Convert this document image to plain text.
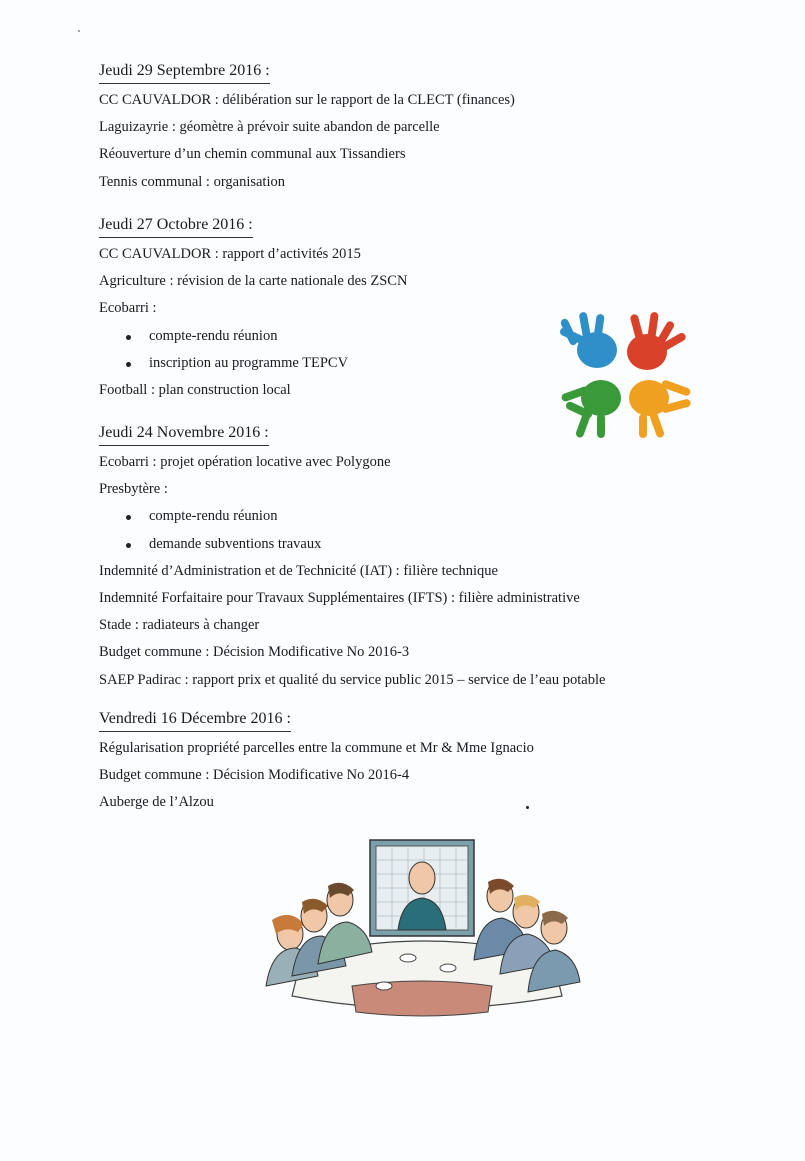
Jeudi 29 Septembre 2016 :
CC CAUVALDOR : délibération sur le rapport de la CLECT (finances)
Laguizayrie : géomètre à prévoir suite abandon de parcelle
Réouverture d’un chemin communal aux Tissandiers
Tennis communal : organisation
Jeudi 27 Octobre 2016 :
CC CAUVALDOR : rapport d’activités 2015
Agriculture : révision de la carte nationale des ZSCN
Ecobarri :
compte-rendu réunion
inscription au programme TEPCV
Football : plan construction local
Jeudi 24 Novembre 2016 :
Ecobarri : projet opération locative avec Polygone
Presbytère :
compte-rendu réunion
demande subventions travaux
Indemnité d’Administration et de Technicité (IAT) : filière technique
Indemnité Forfaitaire pour Travaux Supplémentaires (IFTS) : filière administrative
Stade : radiateurs à changer
Budget commune : Décision Modificative No 2016-3
SAEP Padirac : rapport prix et qualité du service public 2015 – service de l’eau potable
Vendredi 16 Décembre 2016 :
Régularisation propriété parcelles entre la commune et Mr & Mme Ignacio
Budget commune : Décision Modificative No 2016-4
Auberge de l’Alzou
